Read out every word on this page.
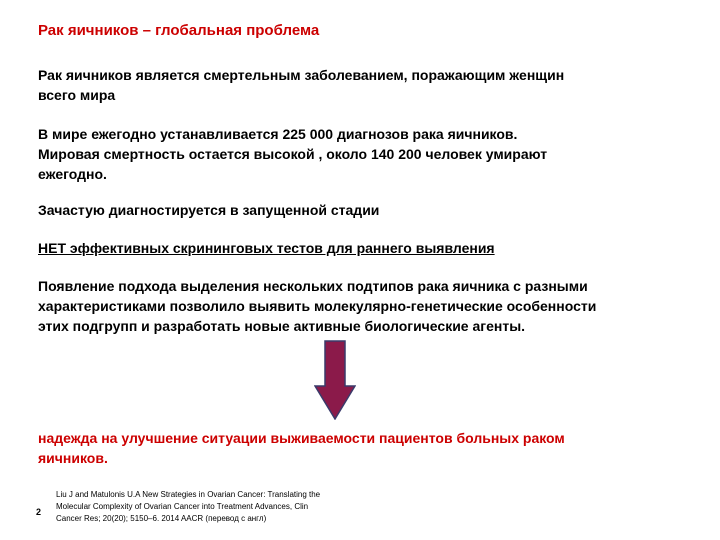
Рак яичников – глобальная проблема
Рак яичников является смертельным заболеванием, поражающим женщин
всего мира
В мире ежегодно устанавливается 225 000 диагнозов рака яичников.
Мировая смертность остается высокой , около 140 200 человек умирают
ежегодно.
Зачастую диагностируется в запущенной стадии
НЕТ эффективных скрининговых тестов для раннего выявления
Появление подхода выделения нескольких подтипов рака яичника с разными
характеристиками позволило выявить молекулярно-генетические особенности
этих подгрупп и разработать новые активные биологические агенты.
надежда на улучшение ситуации выживаемости пациентов больных раком
яичников.
2
Liu J and Matulonis U.A New Strategies in Ovarian Cancer: Translating the
Molecular Complexity of Ovarian Cancer into Treatment Advances, Clin
Cancer Res; 20(20); 5150–6. 2014 AACR (перевод с англ)
